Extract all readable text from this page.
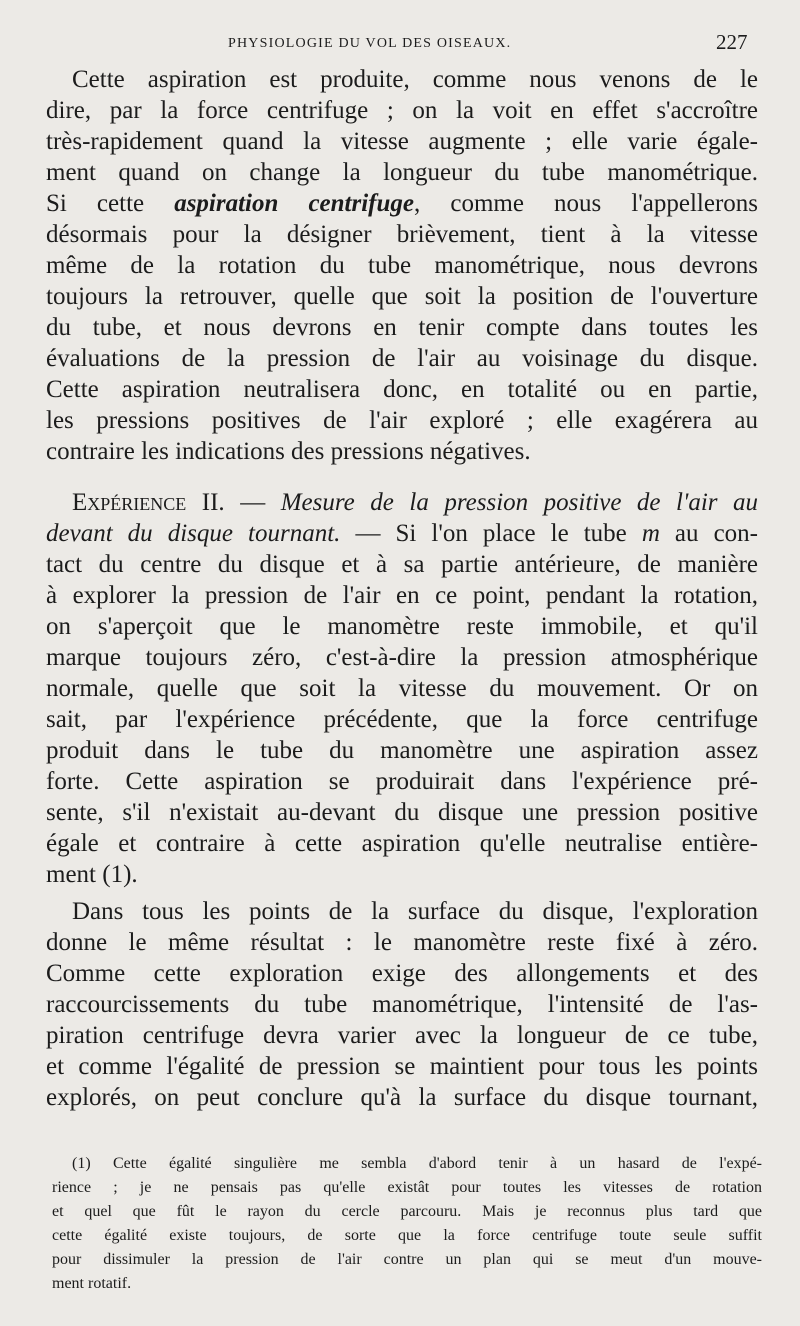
PHYSIOLOGIE DU VOL DES OISEAUX.	227
Cette aspiration est produite, comme nous venons de le
dire, par la force centrifuge ; on la voit en effet s'accroître
très-rapidement quand la vitesse augmente ; elle varie égale-
ment quand on change la longueur du tube manométrique.
Si cette aspiration centrifuge, comme nous l'appellerons
désormais pour la désigner brièvement, tient à la vitesse
même de la rotation du tube manométrique, nous devrons
toujours la retrouver, quelle que soit la position de l'ouverture
du tube, et nous devrons en tenir compte dans toutes les
évaluations de la pression de l'air au voisinage du disque.
Cette aspiration neutralisera donc, en totalité ou en partie,
les pressions positives de l'air exploré ; elle exagérera au
contraire les indications des pressions négatives.
Expérience II. — Mesure de la pression positive de l'air au
devant du disque tournant. — Si l'on place le tube m au con-
tact du centre du disque et à sa partie antérieure, de manière
à explorer la pression de l'air en ce point, pendant la rotation,
on s'aperçoit que le manomètre reste immobile, et qu'il
marque toujours zéro, c'est-à-dire la pression atmosphérique
normale, quelle que soit la vitesse du mouvement. Or on
sait, par l'expérience précédente, que la force centrifuge
produit dans le tube du manomètre une aspiration assez
forte. Cette aspiration se produirait dans l'expérience pré-
sente, s'il n'existait au-devant du disque une pression positive
égale et contraire à cette aspiration qu'elle neutralise entière-
ment (1).
Dans tous les points de la surface du disque, l'exploration
donne le même résultat : le manomètre reste fixé à zéro.
Comme cette exploration exige des allongements et des
raccourcissements du tube manométrique, l'intensité de l'as-
piration centrifuge devra varier avec la longueur de ce tube,
et comme l'égalité de pression se maintient pour tous les points
explorés, on peut conclure qu'à la surface du disque tournant,
(1) Cette égalité singulière me sembla d'abord tenir à un hasard de l'expé-
rience ; je ne pensais pas qu'elle existât pour toutes les vitesses de rotation
et quel que fût le rayon du cercle parcouru. Mais je reconnus plus tard que
cette égalité existe toujours, de sorte que la force centrifuge toute seule suffit
pour dissimuler la pression de l'air contre un plan qui se meut d'un mouve-
ment rotatif.
